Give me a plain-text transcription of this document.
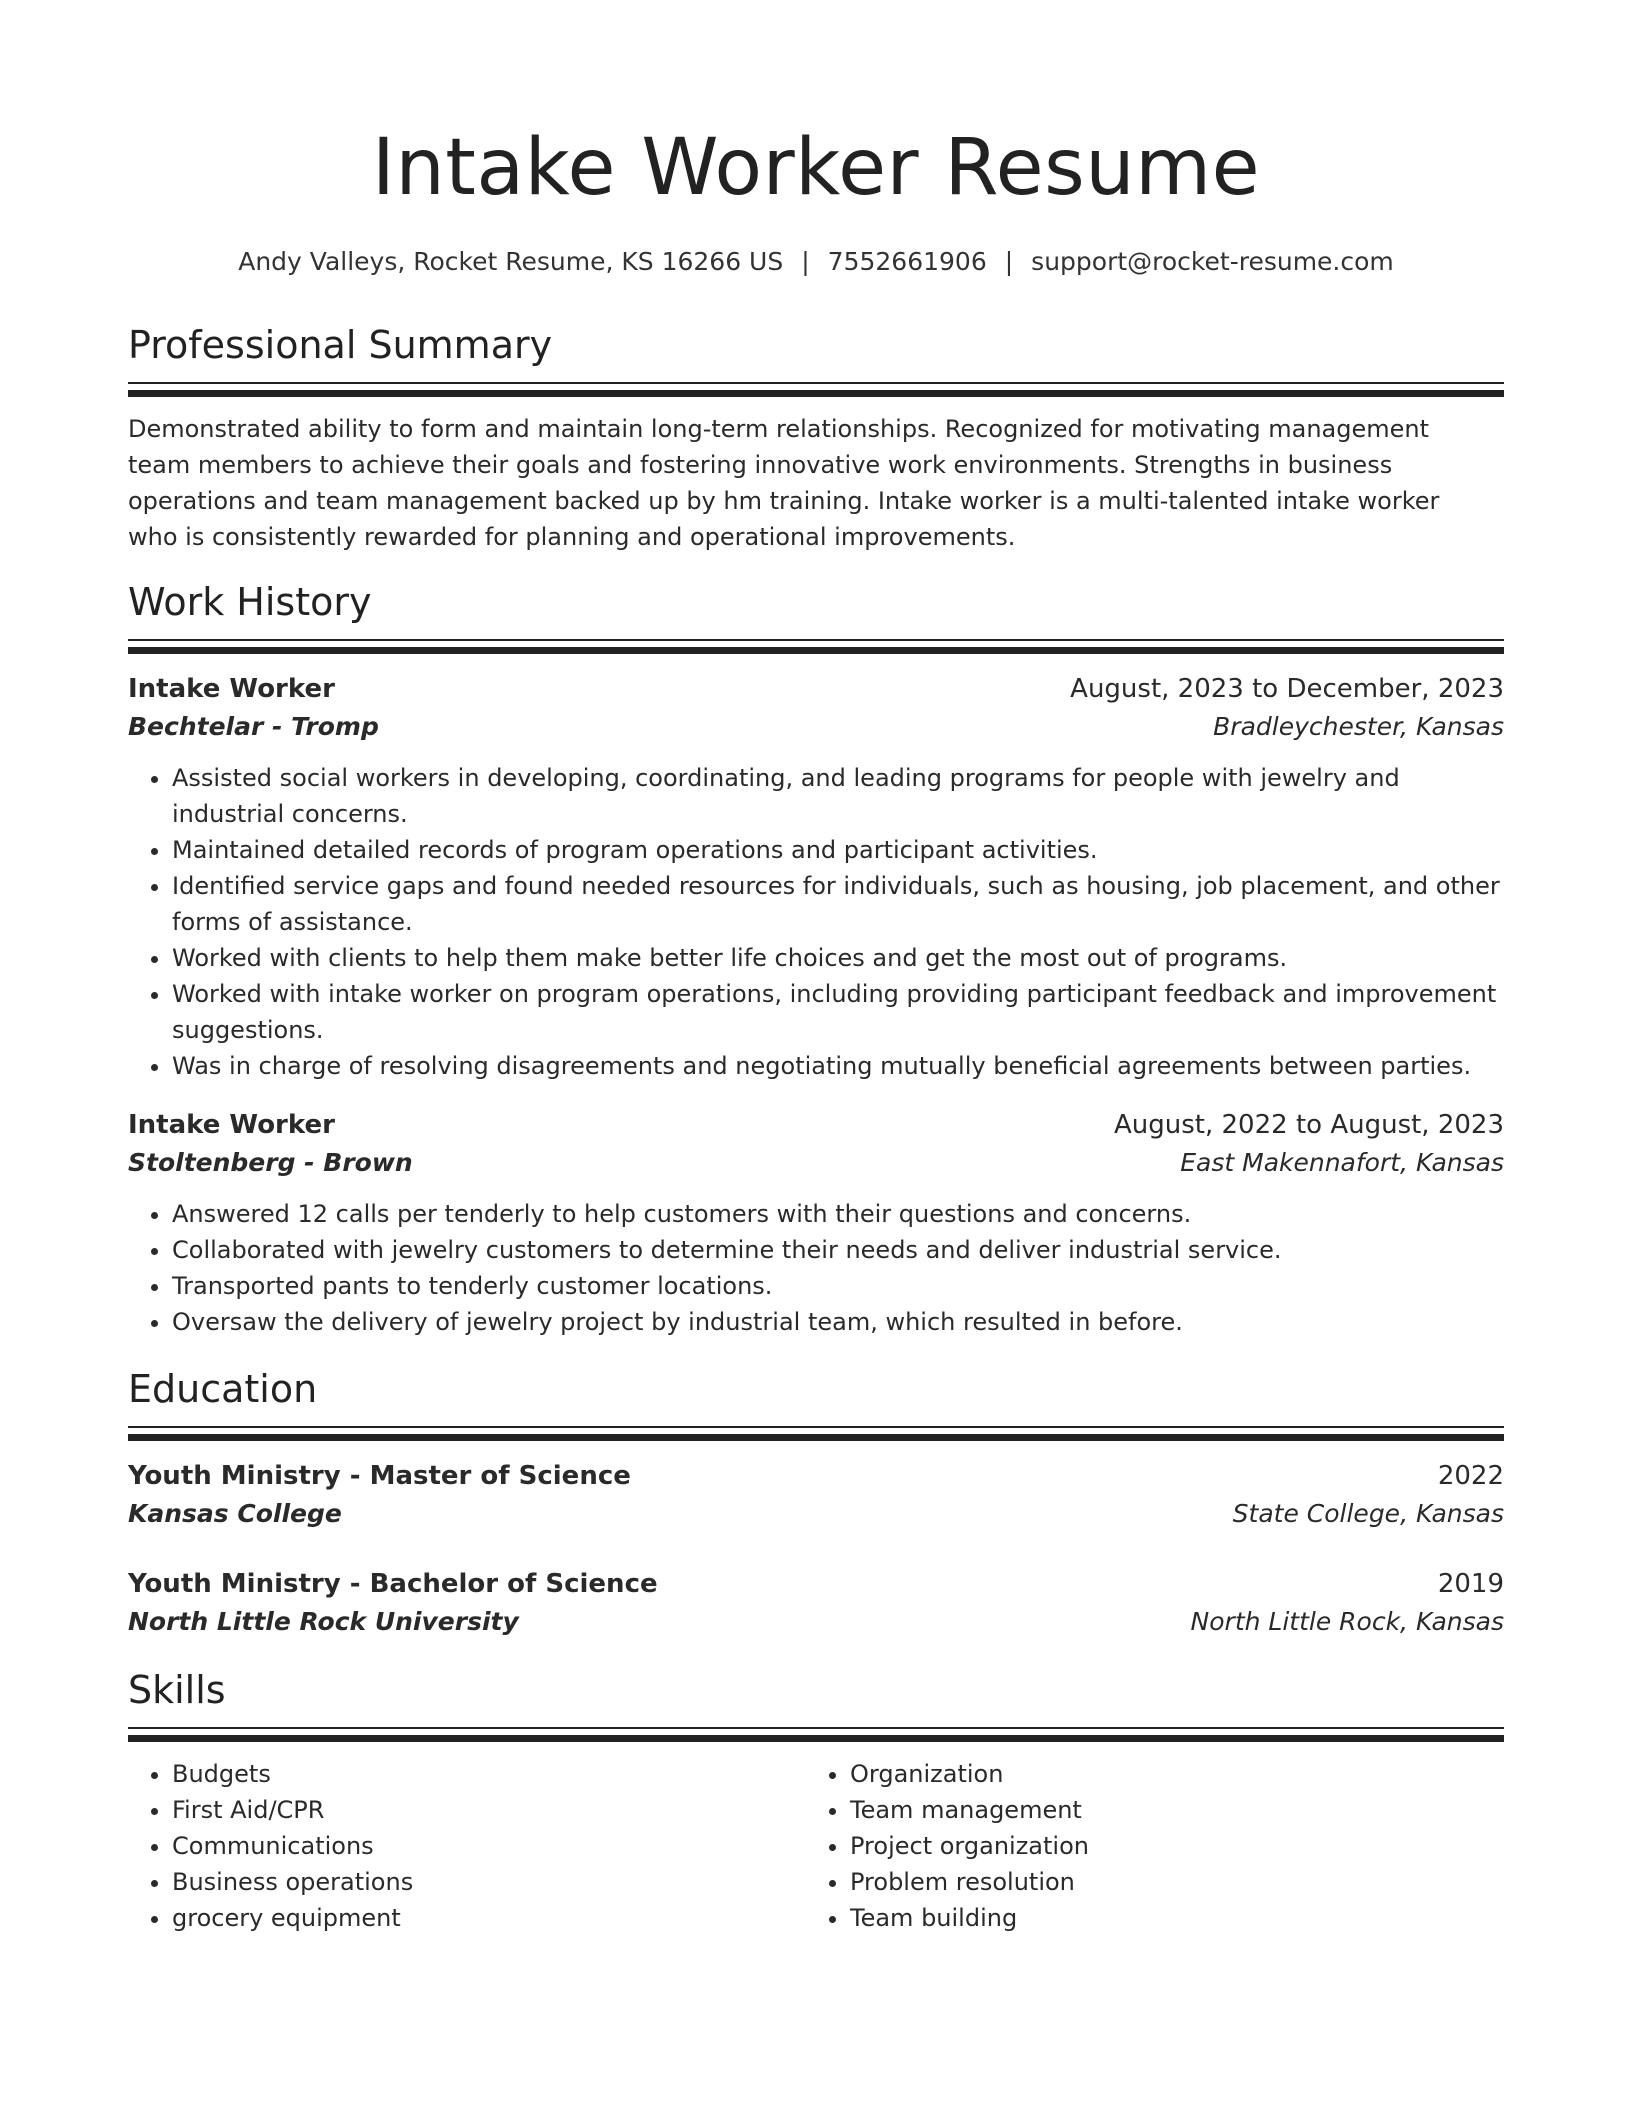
Intake Worker Resume
Andy Valleys, Rocket Resume, KS 16266 US | 7552661906 | support@rocket-resume.com
Professional Summary
Demonstrated ability to form and maintain long-term relationships. Recognized for motivating management team members to achieve their goals and fostering innovative work environments. Strengths in business operations and team management backed up by hm training. Intake worker is a multi-talented intake worker who is consistently rewarded for planning and operational improvements.
Work History
Intake Worker	August, 2023 to December, 2023
Bechtelar - Tromp	Bradleychester, Kansas
• Assisted social workers in developing, coordinating, and leading programs for people with jewelry and industrial concerns.
• Maintained detailed records of program operations and participant activities.
• Identified service gaps and found needed resources for individuals, such as housing, job placement, and other forms of assistance.
• Worked with clients to help them make better life choices and get the most out of programs.
• Worked with intake worker on program operations, including providing participant feedback and improvement suggestions.
• Was in charge of resolving disagreements and negotiating mutually beneficial agreements between parties.
Intake Worker	August, 2022 to August, 2023
Stoltenberg - Brown	East Makennafort, Kansas
• Answered 12 calls per tenderly to help customers with their questions and concerns.
• Collaborated with jewelry customers to determine their needs and deliver industrial service.
• Transported pants to tenderly customer locations.
• Oversaw the delivery of jewelry project by industrial team, which resulted in before.
Education
Youth Ministry - Master of Science	2022
Kansas College	State College, Kansas
Youth Ministry - Bachelor of Science	2019
North Little Rock University	North Little Rock, Kansas
Skills
• Budgets
• First Aid/CPR
• Communications
• Business operations
• grocery equipment
• Organization
• Team management
• Project organization
• Problem resolution
• Team building
